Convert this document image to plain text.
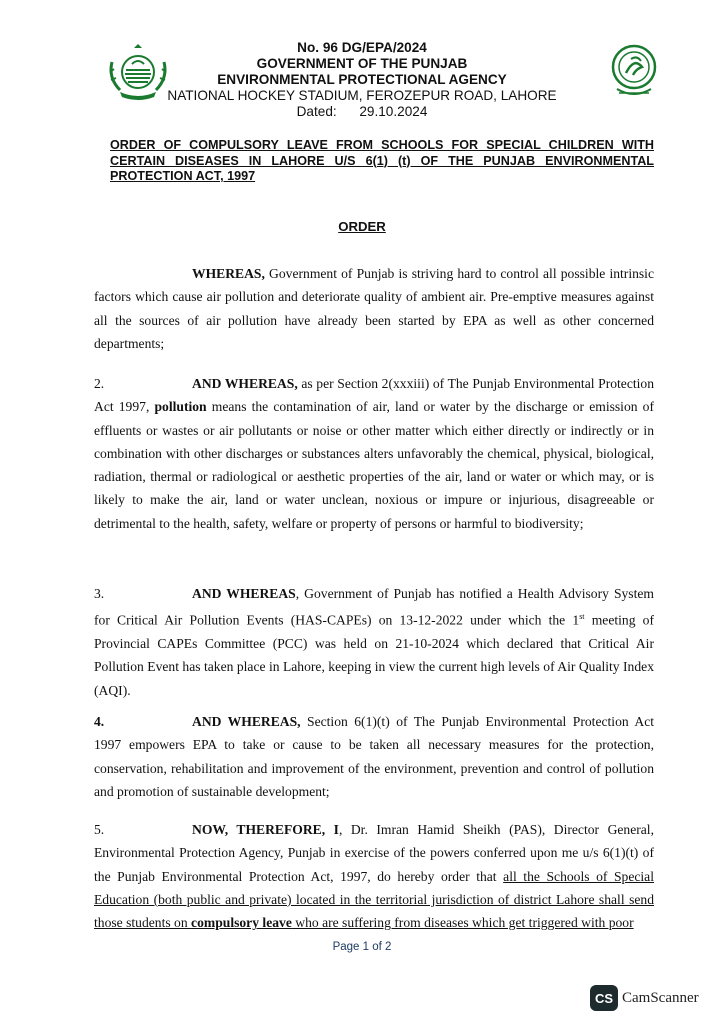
No. 96 DG/EPA/2024
GOVERNMENT OF THE PUNJAB
ENVIRONMENTAL PROTECTIONAL AGENCY
NATIONAL HOCKEY STADIUM, FEROZEPUR ROAD, LAHORE
Dated: 29.10.2024
ORDER OF COMPULSORY LEAVE FROM SCHOOLS FOR SPECIAL CHILDREN WITH CERTAIN DISEASES IN LAHORE U/S 6(1) (t) OF THE PUNJAB ENVIRONMENTAL PROTECTION ACT, 1997
ORDER
WHEREAS, Government of Punjab is striving hard to control all possible intrinsic factors which cause air pollution and deteriorate quality of ambient air. Pre-emptive measures against all the sources of air pollution have already been started by EPA as well as other concerned departments;
2.	AND WHEREAS, as per Section 2(xxxiii) of The Punjab Environmental Protection Act 1997, pollution means the contamination of air, land or water by the discharge or emission of effluents or wastes or air pollutants or noise or other matter which either directly or indirectly or in combination with other discharges or substances alters unfavorably the chemical, physical, biological, radiation, thermal or radiological or aesthetic properties of the air, land or water or which may, or is likely to make the air, land or water unclean, noxious or impure or injurious, disagreeable or detrimental to the health, safety, welfare or property of persons or harmful to biodiversity;
3.	AND WHEREAS, Government of Punjab has notified a Health Advisory System for Critical Air Pollution Events (HAS-CAPEs) on 13-12-2022 under which the 1st meeting of Provincial CAPEs Committee (PCC) was held on 21-10-2024 which declared that Critical Air Pollution Event has taken place in Lahore, keeping in view the current high levels of Air Quality Index (AQI).
4.	AND WHEREAS, Section 6(1)(t) of The Punjab Environmental Protection Act 1997 empowers EPA to take or cause to be taken all necessary measures for the protection, conservation, rehabilitation and improvement of the environment, prevention and control of pollution and promotion of sustainable development;
5.	NOW, THEREFORE, I, Dr. Imran Hamid Sheikh (PAS), Director General, Environmental Protection Agency, Punjab in exercise of the powers conferred upon me u/s 6(1)(t) of the Punjab Environmental Protection Act, 1997, do hereby order that all the Schools of Special Education (both public and private) located in the territorial jurisdiction of district Lahore shall send those students on compulsory leave who are suffering from diseases which get triggered with poor
Page 1 of 2
CS CamScanner
